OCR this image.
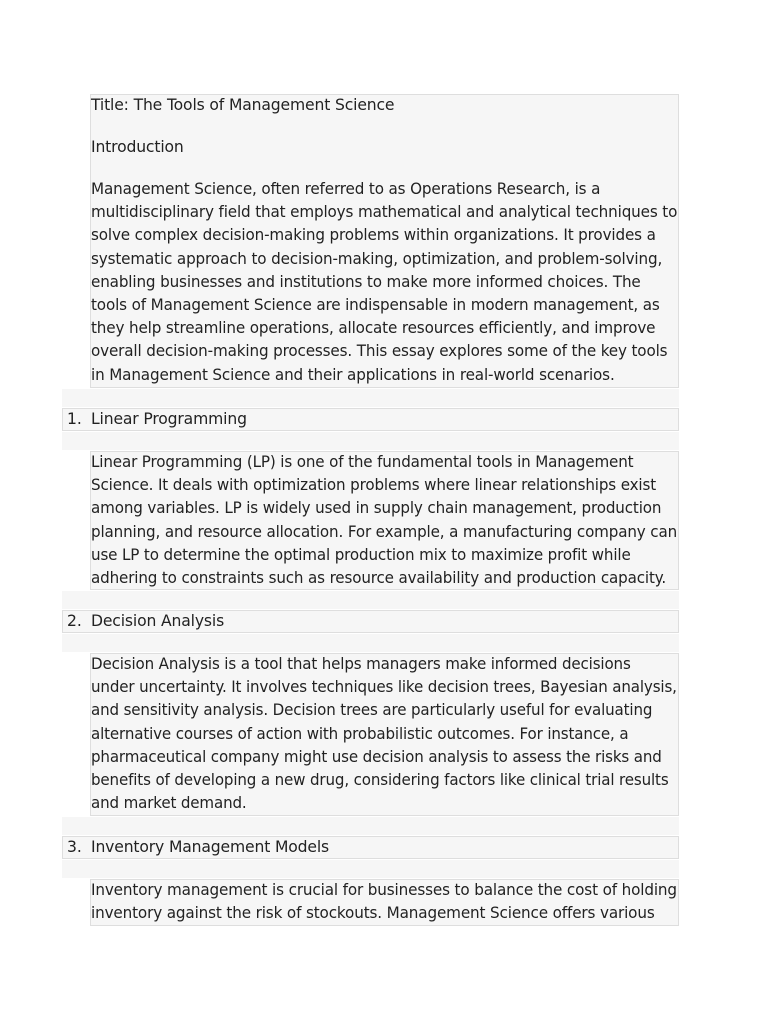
Title: The Tools of Management Science

Introduction

Management Science, often referred to as Operations Research, is a
multidisciplinary field that employs mathematical and analytical techniques to
solve complex decision-making problems within organizations. It provides a
systematic approach to decision-making, optimization, and problem-solving,
enabling businesses and institutions to make more informed choices. The
tools of Management Science are indispensable in modern management, as
they help streamline operations, allocate resources efficiently, and improve
overall decision-making processes. This essay explores some of the key tools
in Management Science and their applications in real-world scenarios.
1. Linear Programming

Linear Programming (LP) is one of the fundamental tools in Management
Science. It deals with optimization problems where linear relationships exist
among variables. LP is widely used in supply chain management, production
planning, and resource allocation. For example, a manufacturing company can
use LP to determine the optimal production mix to maximize profit while
adhering to constraints such as resource availability and production capacity.
2. Decision Analysis

Decision Analysis is a tool that helps managers make informed decisions
under uncertainty. It involves techniques like decision trees, Bayesian analysis,
and sensitivity analysis. Decision trees are particularly useful for evaluating
alternative courses of action with probabilistic outcomes. For instance, a
pharmaceutical company might use decision analysis to assess the risks and
benefits of developing a new drug, considering factors like clinical trial results
and market demand.
3. Inventory Management Models

Inventory management is crucial for businesses to balance the cost of holding
inventory against the risk of stockouts. Management Science offers various
